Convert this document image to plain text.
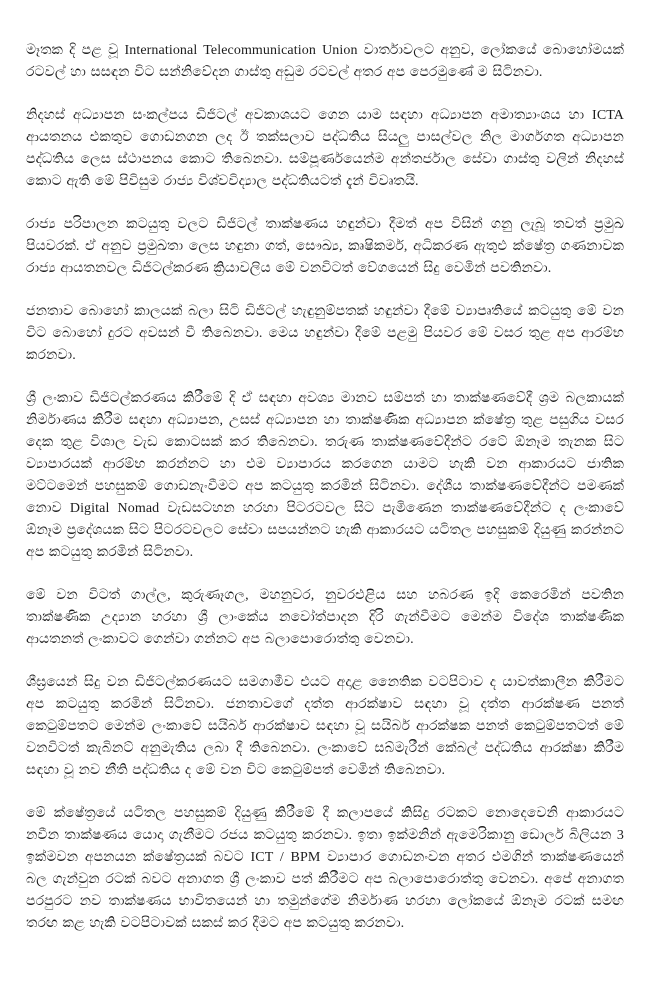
මෑතක දි පළ වූ International Telecommunication Union වාර්තාවලට අනුව, ලෝකයේ බොහෝමයක් රටවල් හා සසඳන විට සන්නිවේදන ගාස්තු අඩුම රටවල් අතර අප පෙරමුණේ ම සිටිනවා.

නිදහස් අධ්‍යාපන සංකල්පය ඩිජිටල් අවකාශයට ගෙන යාම සඳහා අධ්‍යාපන අමාත්‍යාංශය හා ICTA ආයතනය එකතුව ගොඩනගන ලද ඊ තක්සලාව පද්ධතිය සියලු පාසල්වල නිල මාර්ගගත අධ්‍යාපන පද්ධතිය ලෙස ස්ථාපනය කොට තිබෙනවා. සම්පූර්ණයෙන්ම අන්තර්ජාල සේවා ගාස්තු වලින් නිදහස් කොට ඇති මේ පිවිසුම රාජ්‍ය විශ්වවිද්‍යාල පද්ධතියටත් දැන් විවෘතයි.

රාජ්‍ය පරිපාලන කටයුතු වලට ඩිජිටල් තාක්ෂණය හඳුන්වා දීමත් අප විසින් ගනු ලැබූ තවත් ප්‍රමුඛ පියවරක්. ඒ අනුව ප්‍රමුඛතා ලෙස හඳුනා ගත්, සෞඛ්‍ය, කෘෂිකර්ම, අධිකරණ ඇතුළු ක්ෂේත්‍ර ගණනාවක රාජ්‍ය ආයතනවල ඩිජිටල්කරණ ක්‍රියාවලිය මේ වනවිටත් වේගයෙන් සිදු වෙමින් පවතිනවා.

ජනතාව බොහෝ කාලයක් බලා සිටි ඩිජිටල් හැඳුනුම්පතක් හඳුන්වා දීමේ ව්‍යාපෘතියේ කටයුතු මේ වන විට බොහෝ දුරට අවසන් වී තිබෙනවා. මෙය හඳුන්වා දීමේ පළමු පියවර මේ වසර තුළ අප ආරම්භ කරනවා.

ශ්‍රී ලංකාව ඩිජිටල්කරණය කිරීමේ දි ඒ සඳහා අවශ්‍ය මානව සම්පත් හා තාක්ෂණවේදී ශ්‍රම බලකායක් නිර්මාණය කිරීම සඳහා අධ්‍යාපන, උසස් අධ්‍යාපන හා තාක්ෂණික අධ්‍යාපන ක්ෂේත්‍ර තුළ පසුගිය වසර දෙක තුළ විශාල වැඩ කොටසක් කර තිබෙනවා. තරුණ තාක්ෂණවේදීන්ට රටේ ඕනෑම තැනක සිට ව්‍යාපාරයක් ආරම්භ කරන්නට හා එම ව්‍යාපාරය කරගෙන යාමට හැකි වන ආකාරයට ජාතික මට්ටමෙන් පහසුකම් ගොඩනැංවීමට අප කටයුතු කරමින් සිටිනවා. දේශීය තාක්ෂණවේදීන්ට පමණක් නොව Digital Nomad වැඩසටහන හරහා පිටරටවල සිට පැමිණෙන තාක්ෂණවේදීන්ට ද ලංකාවේ ඕනෑම ප්‍රදේශයක සිට පිටරටවලට සේවා සපයන්නට හැකි ආකාරයට යටිතල පහසුකම් දියුණු කරන්නට අප කටයුතු කරමින් සිටිනවා.

මේ වන විටත් ගාල්ල, කුරුණෑගල, මහනුවර, නුවරඑළිය සහ හබරණ ඉදි කෙරෙමින් පවතින තාක්ෂණික උද්‍යාන හරහා ශ්‍රී ලාංකේය නවෝත්පාදන දිරි ගැන්වීමට මෙන්ම විදේශ තාක්ෂණික ආයතනත් ලංකාවට ගෙන්වා ගන්නට අප බලාපොරොත්තු වෙනවා.

ශීඝ්‍රයෙන් සිදු වන ඩිජිටල්කරණයට සමගාමීව එයට අදාළ නෛතික වටපිටාව ද යාවත්කාලීන කිරීමට අප කටයුතු කරමින් සිටිනවා. ජනතාවගේ දත්ත ආරක්ෂාව සඳහා වූ දත්ත ආරක්ෂණ පනත් කෙටුම්පතට මෙන්ම ලංකාවේ සයිබර් ආරක්ෂාව සඳහා වූ සයිබර් ආරක්ෂක පනත් කෙටුම්පතටත් මේ වනවිටත් කැබිනට් අනුමැතිය ලබා දී තිබෙනවා. ලංකාවේ සබ්මැරීන් කේබල් පද්ධතිය ආරක්ෂා කිරීම සඳහා වූ නව නීති පද්ධතිය ද මේ වන විට කෙටුම්පත් වෙමින් තිබෙනවා.

මේ ක්ෂේත්‍රයේ යටිතල පහසුකම් දියුණු කිරීමේ දී කලාපයේ කිසිදු රටකට නොදෙවෙනි ආකාරයට නවීන තාක්ෂණය යොදා ගැනීමට රජය කටයුතු කරනවා. ඉතා ඉක්මනින් ඇමෙරිකානු ඩොලර් බිලියන 3 ඉක්මවන අපනයන ක්ෂේත්‍රයක් බවට ICT / BPM ව්‍යාපාර ගොඩනංවන අතර එමගින් තාක්ෂණයෙන් බල ගැන්වුන රටක් බවට අනාගත ශ්‍රී ලංකාව පත් කිරීමට අප බලාපොරොත්තු වෙනවා. අපේ අනාගත පරපුරට නව තාක්ෂණය භාවිතයෙන් හා තමුන්ගේම නිර්මාණ හරහා ලෝකයේ ඕනෑම රටක් සමඟ තරඟ කළ හැකි වටපිටාවක් සකස් කර දීමට අප කටයුතු කරනවා.
